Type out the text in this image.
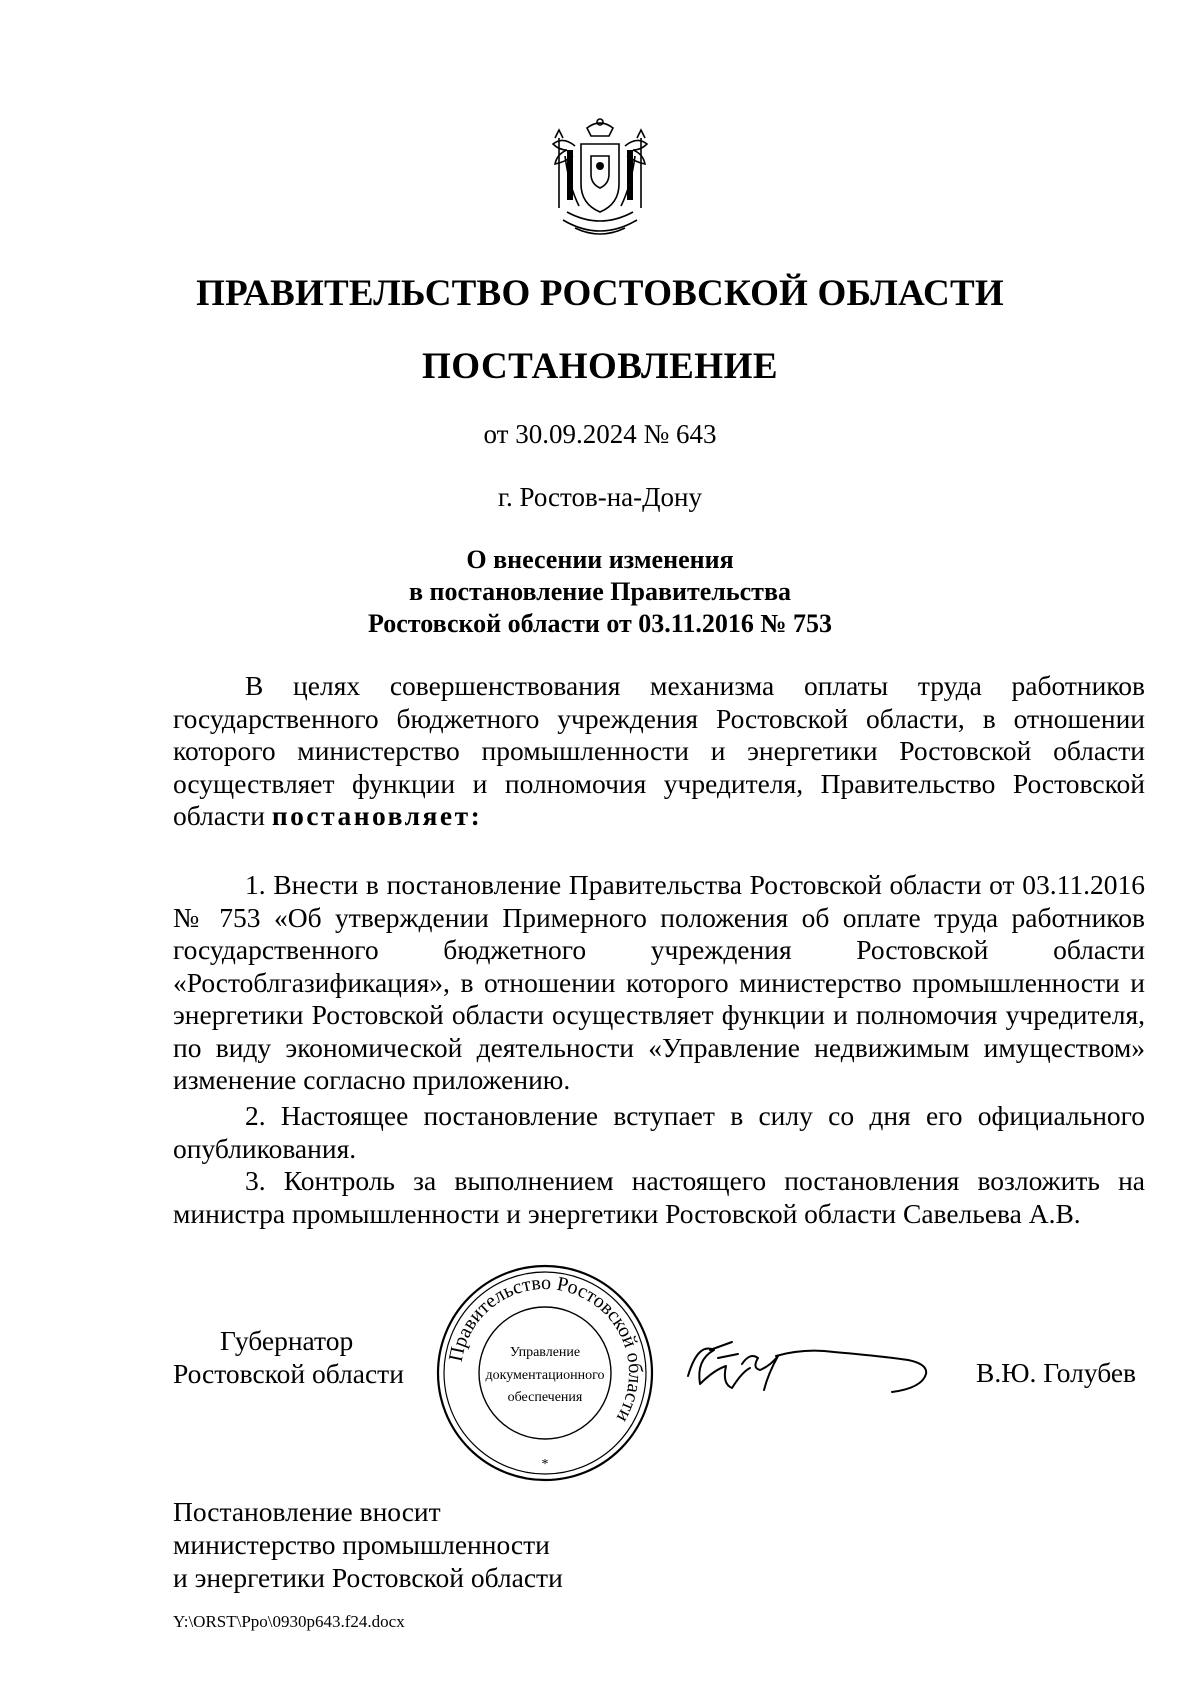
ПРАВИТЕЛЬСТВО РОСТОВСКОЙ ОБЛАСТИ
ПОСТАНОВЛЕНИЕ
от 30.09.2024 № 643
г. Ростов-на-Дону
О внесении изменения
в постановление Правительства
Ростовской области от 03.11.2016 № 753
В целях совершенствования механизма оплаты труда работников государственного бюджетного учреждения Ростовской области, в отношении которого министерство промышленности и энергетики Ростовской области осуществляет функции и полномочия учредителя, Правительство Ростовской области постановляет:
1. Внести в постановление Правительства Ростовской области от 03.11.2016 № 753 «Об утверждении Примерного положения об оплате труда работников государственного бюджетного учреждения Ростовской области «Ростоблгазификация», в отношении которого министерство промышленности и энергетики Ростовской области осуществляет функции и полномочия учредителя, по виду экономической деятельности «Управление недвижимым имуществом» изменение согласно приложению.
2. Настоящее постановление вступает в силу со дня его официального опубликования.
3. Контроль за выполнением настоящего постановления возложить на министра промышленности и энергетики Ростовской области Савельева А.В.
Губернатор
Ростовской области
Правительство Ростовской области
Управление
документационного
обеспечения
*
В.Ю. Голубев
Постановление вносит
министерство промышленности
и энергетики Ростовской области
Y:\ORST\Ppo\0930p643.f24.docx
